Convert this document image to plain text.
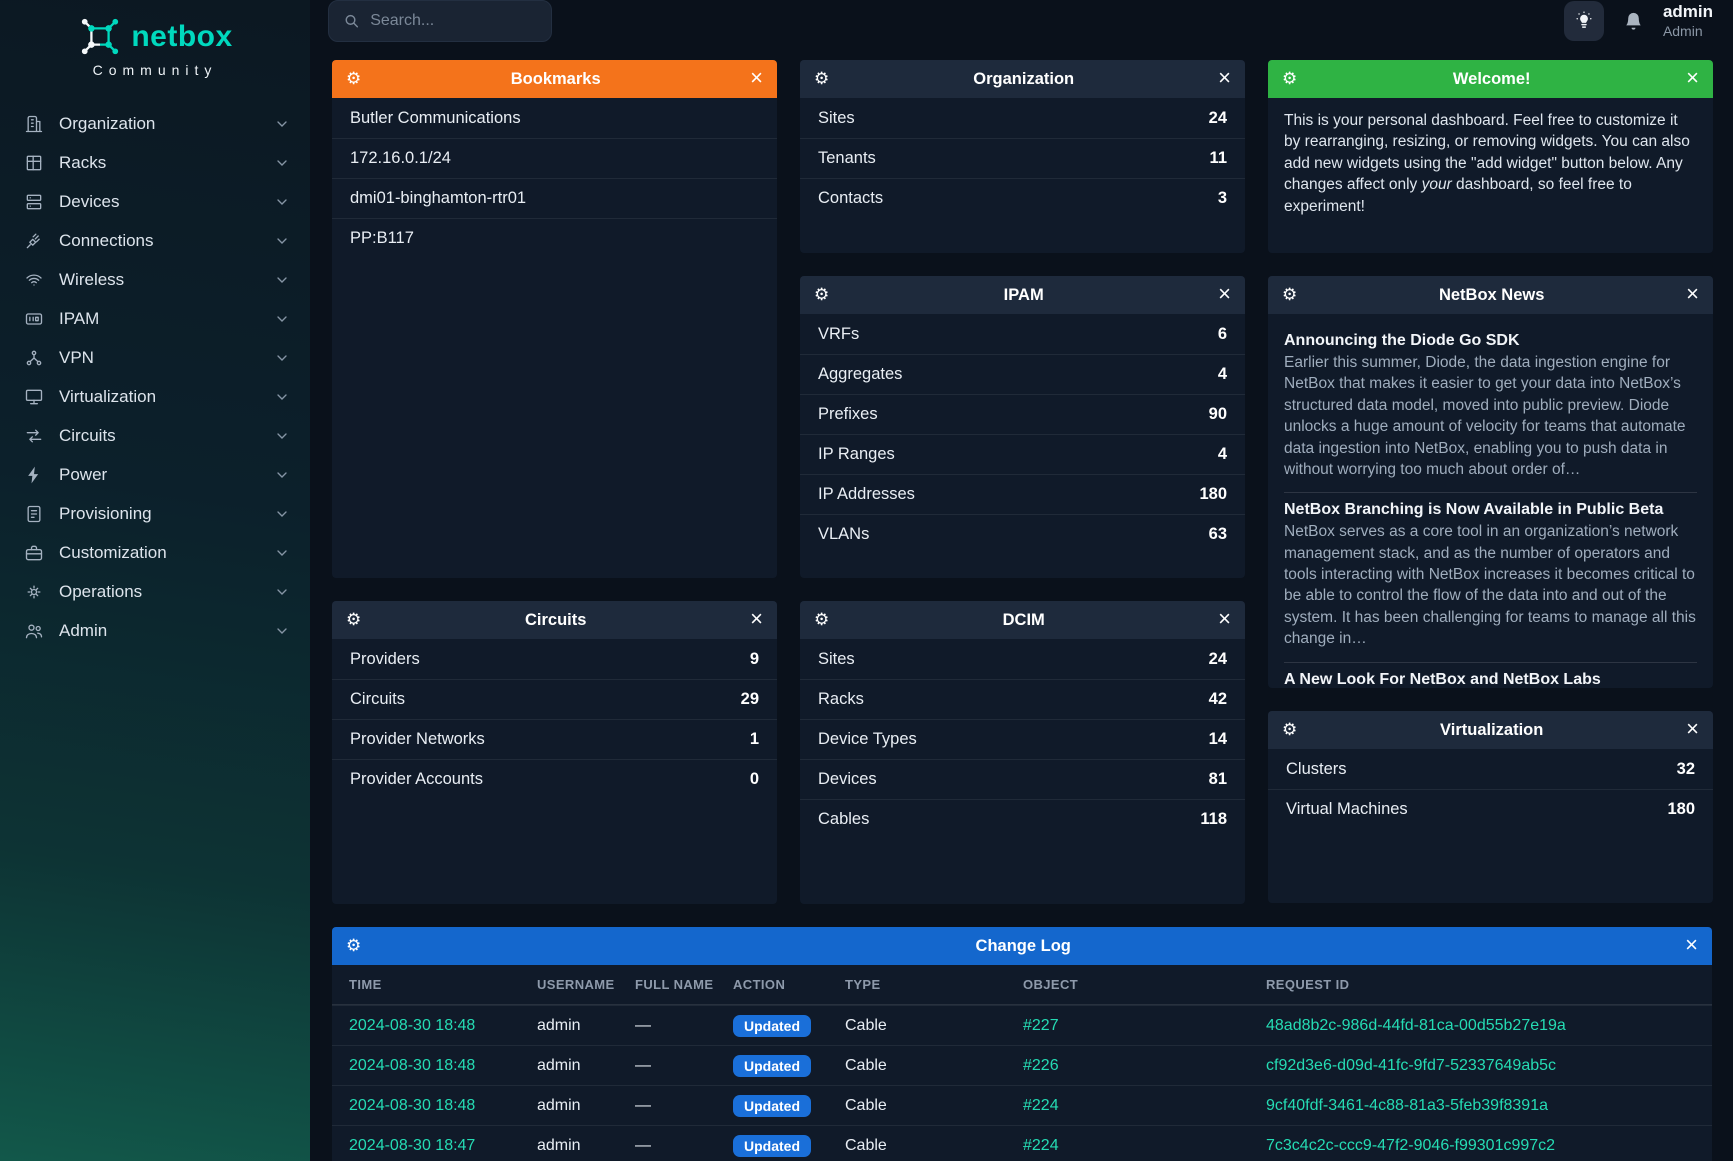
netbox
Community
Organization
Racks
Devices
Connections
Wireless
IPAM
VPN
Virtualization
Circuits
Power
Provisioning
Customization
Operations
Admin
Search...
admin
Admin
⚙	Bookmarks	×
Butler Communications
172.16.0.1/24
dmi01-binghamton-rtr01
PP:B117
⚙	Circuits	×
Providers	9
Circuits	29
Provider Networks	1
Provider Accounts	0
⚙	Organization	×
Sites	24
Tenants	11
Contacts	3
⚙	IPAM	×
VRFs	6
Aggregates	4
Prefixes	90
IP Ranges	4
IP Addresses	180
VLANs	63
⚙	DCIM	×
Sites	24
Racks	42
Device Types	14
Devices	81
Cables	118
⚙	Welcome!	×
This is your personal dashboard. Feel free to customize it by rearranging, resizing, or removing widgets. You can also add new widgets using the "add widget" button below. Any changes affect only your dashboard, so feel free to experiment!
⚙	NetBox News	×
Announcing the Diode Go SDK

Earlier this summer, Diode, the data ingestion engine for NetBox that makes it easier to get your data into NetBox’s structured data model, moved into public preview. Diode unlocks a huge amount of velocity for teams that automate data ingestion into NetBox, enabling you to push data in without worrying too much about order of…

NetBox Branching is Now Available in Public Beta

NetBox serves as a core tool in an organization’s network management stack, and as the number of operators and tools interacting with NetBox increases it becomes critical to be able to control the flow of the data into and out of the system. It has been challenging for teams to manage all this change in…

A New Look For NetBox and NetBox Labs
⚙	Virtualization	×
Clusters	32
Virtual Machines	180
⚙	Change Log	×
TIME	USERNAME	FULL NAME	ACTION	TYPE	OBJECT	REQUEST ID
2024-08-30 18:48	admin	—	Updated	Cable	#227	48ad8b2c-986d-44fd-81ca-00d55b27e19a
2024-08-30 18:48	admin	—	Updated	Cable	#226	cf92d3e6-d09d-41fc-9fd7-52337649ab5c
2024-08-30 18:48	admin	—	Updated	Cable	#224	9cf40fdf-3461-4c88-81a3-5feb39f8391a
2024-08-30 18:47	admin	—	Updated	Cable	#224	7c3c4c2c-ccc9-47f2-9046-f99301c997c2
